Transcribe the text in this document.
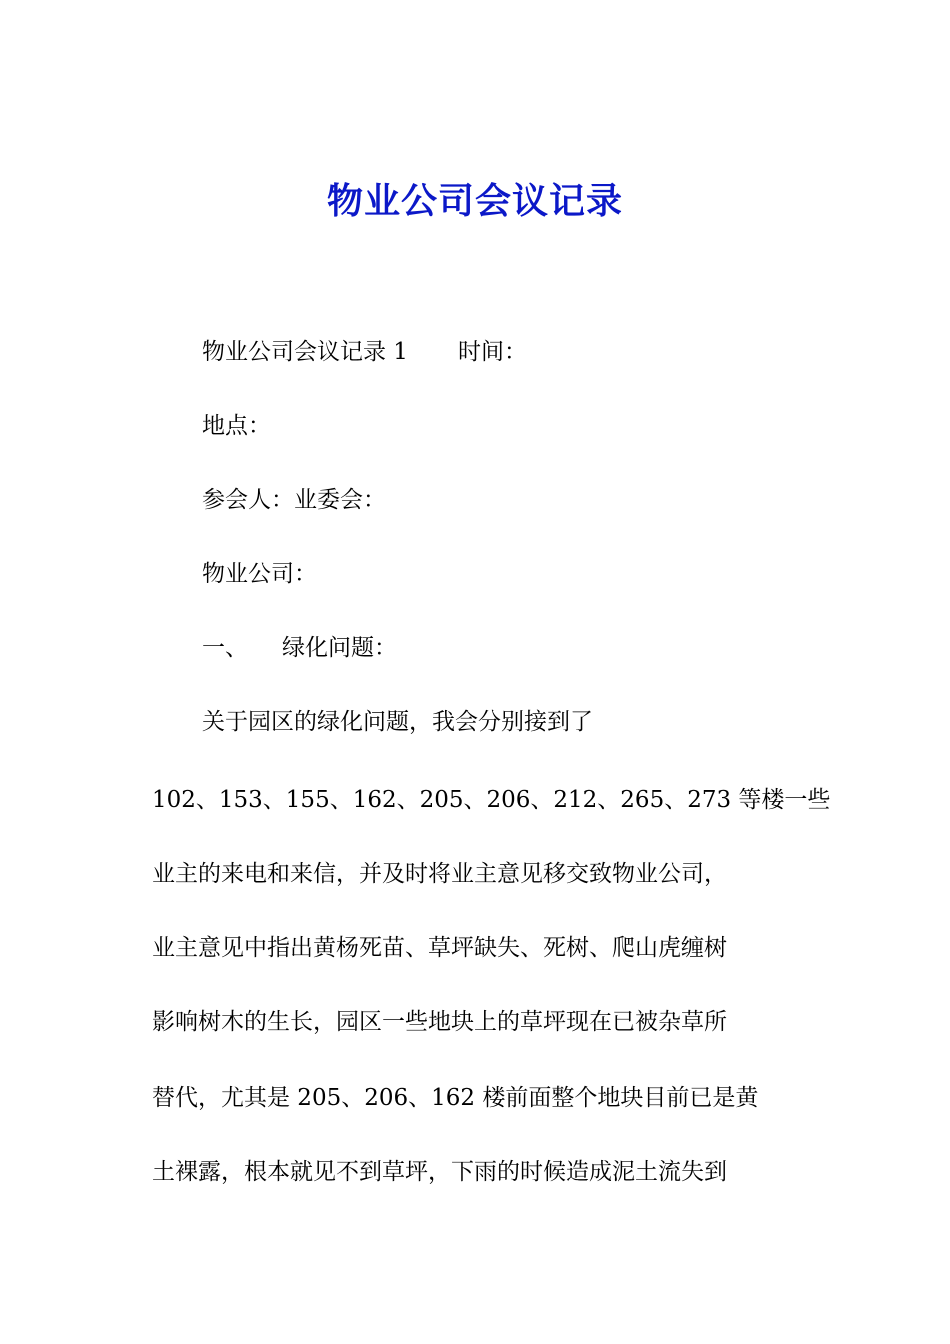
物业公司会议记录

物业公司会议记录 1 时间：

地点：

参会人：业委会：

物业公司：

一、 绿化问题：

关于园区的绿化问题，我会分别接到了

102、153、155、162、205、206、212、265、273 等楼一些

业主的来电和来信，并及时将业主意见移交致物业公司，

业主意见中指出黄杨死苗、草坪缺失、死树、爬山虎缠树

影响树木的生长，园区一些地块上的草坪现在已被杂草所

替代，尤其是 205、206、162 楼前面整个地块目前已是黄

土裸露，根本就见不到草坪，下雨的时候造成泥土流失到
